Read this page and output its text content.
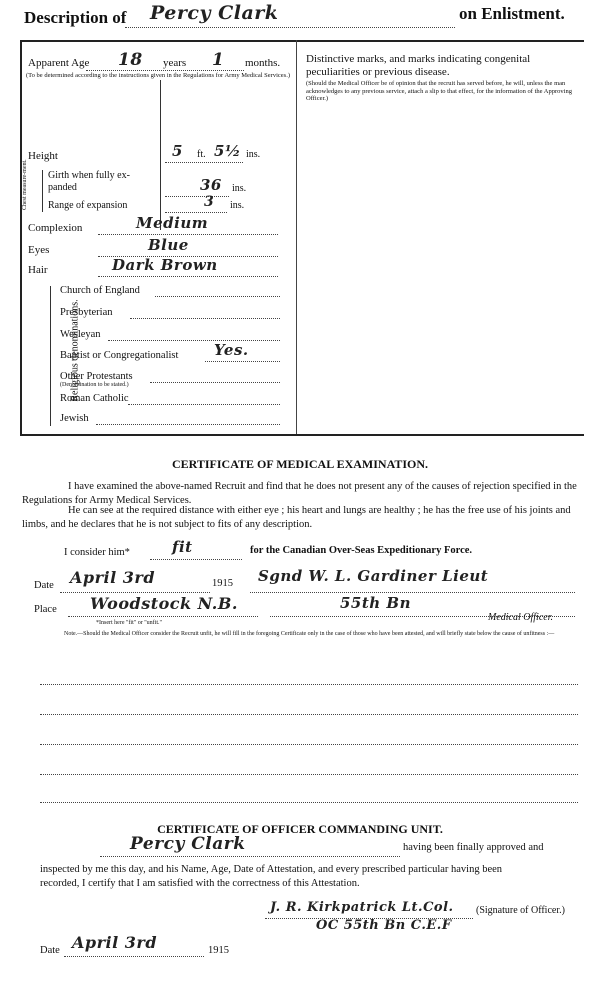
Description of Percy Clark	on Enlistment.
Apparent Age 18 years 1 months.
(To be determined according to the instructions given in the Regulations for Army Medical Services.)
Height	5 ft. 5½ ins.
Chest measure-ment. Girth when fully ex- panded	36 ins.
Range of expansion	3 ins.
Complexion	Medium
Eyes	Blue
Hair	Dark Brown
Religious denominations.
Church of England
Presbyterian
Wesleyan
Baptist or Congregationalist Yes.
Other Protestants
(Denomination to be stated.)
Roman Catholic
Jewish
Distinctive marks, and marks indicating congenital peculiarities or previous disease.
(Should the Medical Officer be of opinion that the recruit has served before, he will, unless the man acknowledges to any previous service, attach a slip to that effect, for the information of the Approving Officer.)
CERTIFICATE OF MEDICAL EXAMINATION.
I have examined the above-named Recruit and find that he does not present any of the causes of rejection specified in the Regulations for Army Medical Services.
He can see at the required distance with either eye ; his heart and lungs are healthy ; he has the free use of his joints and limbs, and he declares that he is not subject to fits of any description.
I consider him*	fit	for the Canadian Over-Seas Expeditionary Force.
Date April 3rd	1915 Sgnd W. L. Gardiner Lieut
Place Woodstock N.B.	55th Bn
Medical Officer.
*Insert here "fit" or "unfit."
Note.—Should the Medical Officer consider the Recruit unfit, he will fill in the foregoing Certificate only in the case of those who have been attested, and will briefly state below the cause of unfitness :—
CERTIFICATE OF OFFICER COMMANDING UNIT.
Percy Clark	having been finally approved and
inspected by me this day, and his Name, Age, Date of Attestation, and every prescribed particular having been
recorded, I certify that I am satisfied with the correctness of this Attestation.
J. R. Kirkpatrick Lt.Col. (Signature of Officer.)
OC 55th Bn C.E.F
Date April 3rd	1915
